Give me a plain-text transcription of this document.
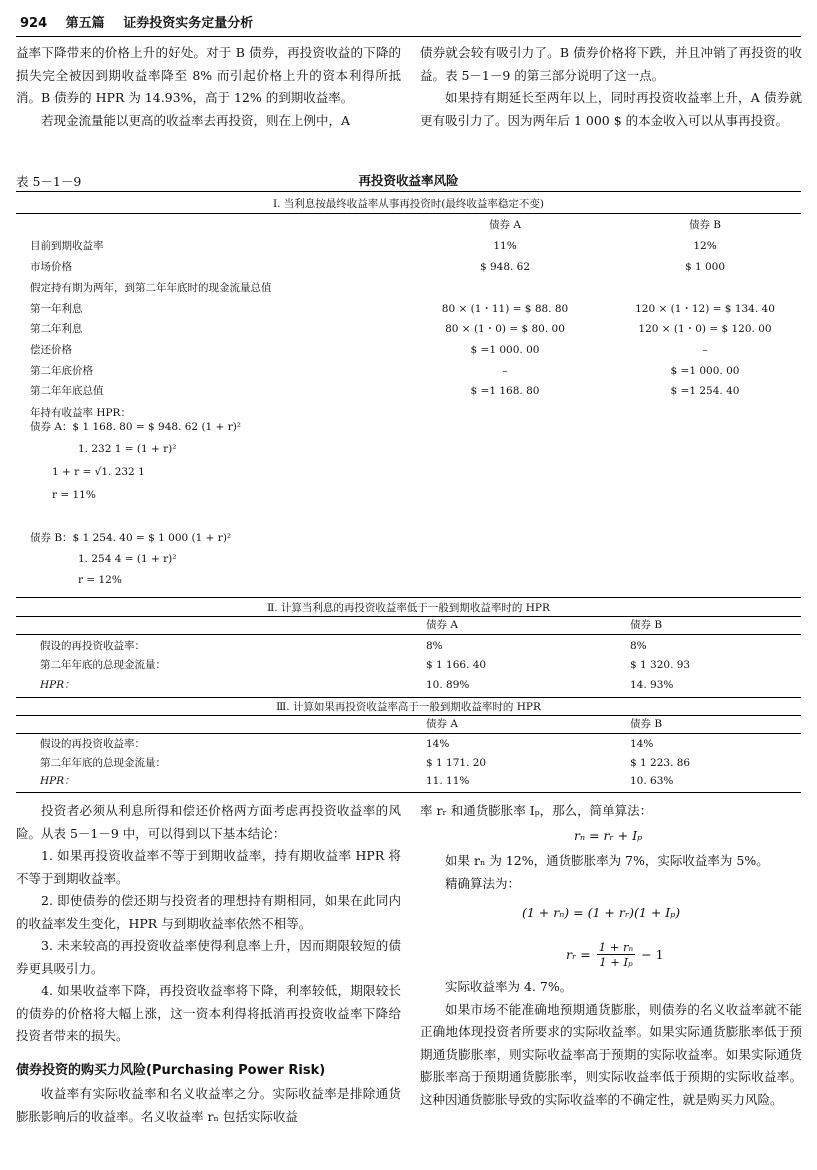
924 第五篇 证券投资实务定量分析

益率下降带来的价格上升的好处。对于 B 债券，再投资收益的下降的损失完全被因到期收益率降至 8% 而引起价格上升的资本利得所抵消。B 债券的 HPR 为 14.93%，高于 12% 的到期收益率。

若现金流量能以更高的收益率去再投资，则在上例中，A

债券就会较有吸引力了。B 债券价格将下跌，并且冲销了再投资的收益。表 5－1－9 的第三部分说明了这一点。

如果持有期延长至两年以上，同时再投资收益率上升，A 债券就更有吸引力了。因为两年后 1 000 $ 的本金收入可以从事再投资。

表 5－1－9	再投资收益率风险
Ⅰ. 当利息按最终收益率从事再投资时(最终收益率稳定不变)
债券 A	债券 B
目前到期收益率	11%	12%
市场价格	$ 948. 62	$ 1 000
假定持有期为两年，到第二年年底时的现金流量总值
第一年利息	80 × (1・11) = $ 88. 80	120 × (1・12) = $ 134. 40
第二年利息	80 × (1・0) = $ 80. 00	120 × (1・0) = $ 120. 00
偿还价格	$ =1 000. 00	–
第二年底价格	–	$ =1 000. 00
第二年年底总值	$ =1 168. 80	$ =1 254. 40
年持有收益率 HPR：
债券 A：$ 1 168. 80 = $ 948. 62 (1 + r)²
1. 232 1 = (1 + r)²
1 + r = √1. 232 1
r = 11%
债券 B：$ 1 254. 40 = $ 1 000 (1 + r)²
1. 254 4 = (1 + r)²
r = 12%
Ⅱ. 计算当利息的再投资收益率低于一般到期收益率时的 HPR
债券 A	债券 B
假设的再投资收益率：	8%	8%
第二年年底的总现金流量：	$ 1 166. 40	$ 1 320. 93
HPR：	10. 89%	14. 93%
Ⅲ. 计算如果再投资收益率高于一般到期收益率时的 HPR
债券 A	债券 B
假设的再投资收益率：	14%	14%
第二年年底的总现金流量：	$ 1 171. 20	$ 1 223. 86
HPR：	11. 11%	10. 63%

投资者必须从利息所得和偿还价格两方面考虑再投资收益率的风险。从表 5－1－9 中，可以得到以下基本结论：

1. 如果再投资收益率不等于到期收益率，持有期收益率 HPR 将不等于到期收益率。

2. 即使债券的偿还期与投资者的理想持有期相同，如果在此同内的收益率发生变化，HPR 与到期收益率依然不相等。

3. 未来较高的再投资收益率使得利息率上升，因而期限较短的债券更具吸引力。

4. 如果收益率下降，再投资收益率将下降，利率较低，期限较长的债券的价格将大幅上涨，这一资本利得将抵消再投资收益率下降给投资者带来的损失。

债券投资的购买力风险(Purchasing Power Risk)

收益率有实际收益率和名义收益率之分。实际收益率是排除通货膨胀影响后的收益率。名义收益率 rₙ 包括实际收益

率 rᵣ 和通货膨胀率 Iₚ，那么，简单算法：

rₙ = rᵣ + Iₚ

如果 rₙ 为 12%，通货膨胀率为 7%，实际收益率为 5%。

精确算法为：

(1 + rₙ) = (1 + rᵣ)(1 + Iₚ)
rᵣ = $\frac{\text{1 + rₙ}}{\text{1 + Iₚ}} - 1$

实际收益率为 4. 7%。

如果市场不能准确地预期通货膨胀，则债券的名义收益率就不能正确地体现投资者所要求的实际收益率。如果实际通货膨胀率低于预期通货膨胀率，则实际收益率高于预期的实际收益率。如果实际通货膨胀率高于预期通货膨胀率，则实际收益率低于预期的实际收益率。这种因通货膨胀导致的实际收益率的不确定性，就是购买力风险。
